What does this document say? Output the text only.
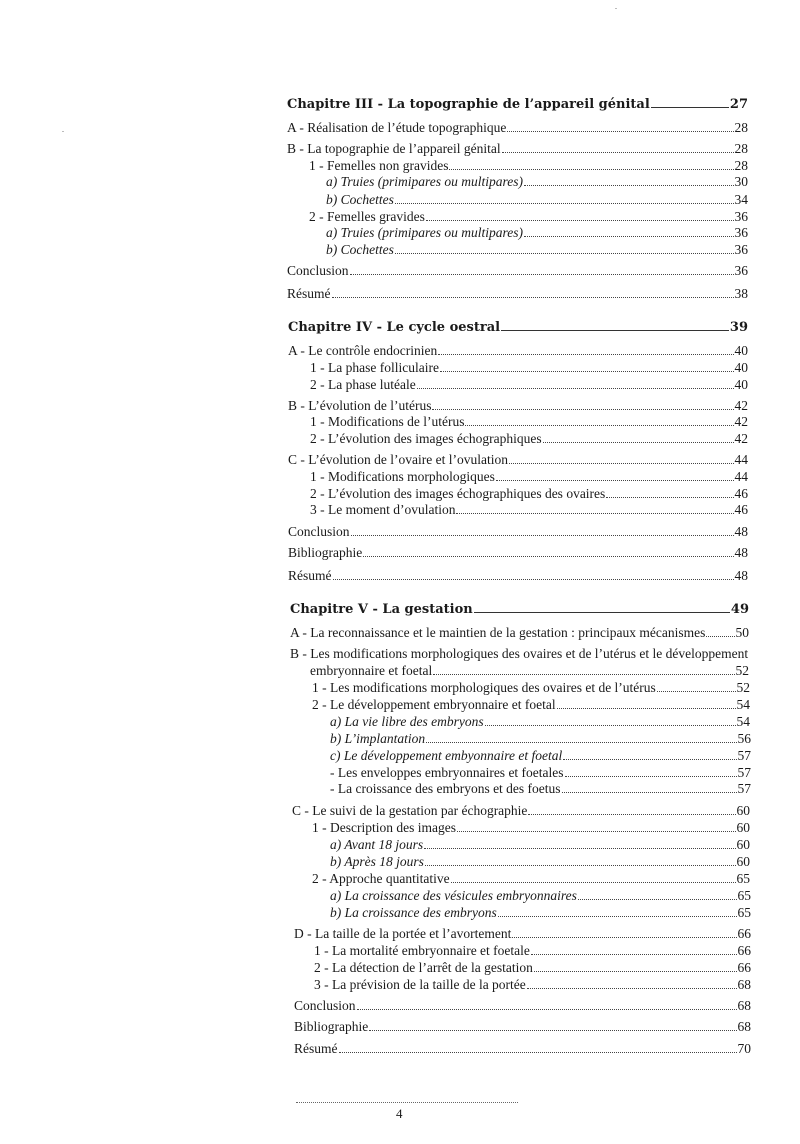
Chapitre III - La topographie de l’appareil génital	27
A - Réalisation de l’étude topographique	28
B - La topographie de l’appareil génital	28
1 - Femelles non gravides	28
a) Truies (primipares ou multipares)	30
b) Cochettes	34
2 - Femelles gravides	36
a) Truies (primipares ou multipares)	36
b) Cochettes	36
Conclusion	36
Résumé	38
Chapitre IV - Le cycle oestral	39
A - Le contrôle endocrinien	40
1 - La phase folliculaire	40
2 - La phase lutéale	40
B - L’évolution de l’utérus	42
1 - Modifications de l’utérus	42
2 - L’évolution des images échographiques	42
C - L’évolution de l’ovaire et l’ovulation	44
1 - Modifications morphologiques	44
2 - L’évolution des images échographiques des ovaires	46
3 - Le moment d’ovulation	46
Conclusion	48
Bibliographie	48
Résumé	48
Chapitre V - La gestation	49
A - La reconnaissance et le maintien de la gestation : principaux mécanismes 50
B - Les modifications morphologiques des ovaires et de l’utérus et le développement
embryonnaire et foetal	52
1 - Les modifications morphologiques des ovaires et de l’utérus	52
2 - Le développement embryonnaire et foetal	54
a) La vie libre des embryons	54
b) L’implantation	56
c) Le développement embyonnaire et foetal	57
- Les enveloppes embryonnaires et foetales	57
- La croissance des embryons et des foetus	57
C - Le suivi de la gestation par échographie	60
1 - Description des images	60
a) Avant 18 jours	60
b) Après 18 jours	60
2 - Approche quantitative	65
a) La croissance des vésicules embryonnaires	65
b) La croissance des embryons	65
D - La taille de la portée et l’avortement	66
1 - La mortalité embryonnaire et foetale	66
2 - La détection de l’arrêt de la gestation	66
3 - La prévision de la taille de la portée	68
Conclusion	68
Bibliographie	68
Résumé	70
4
